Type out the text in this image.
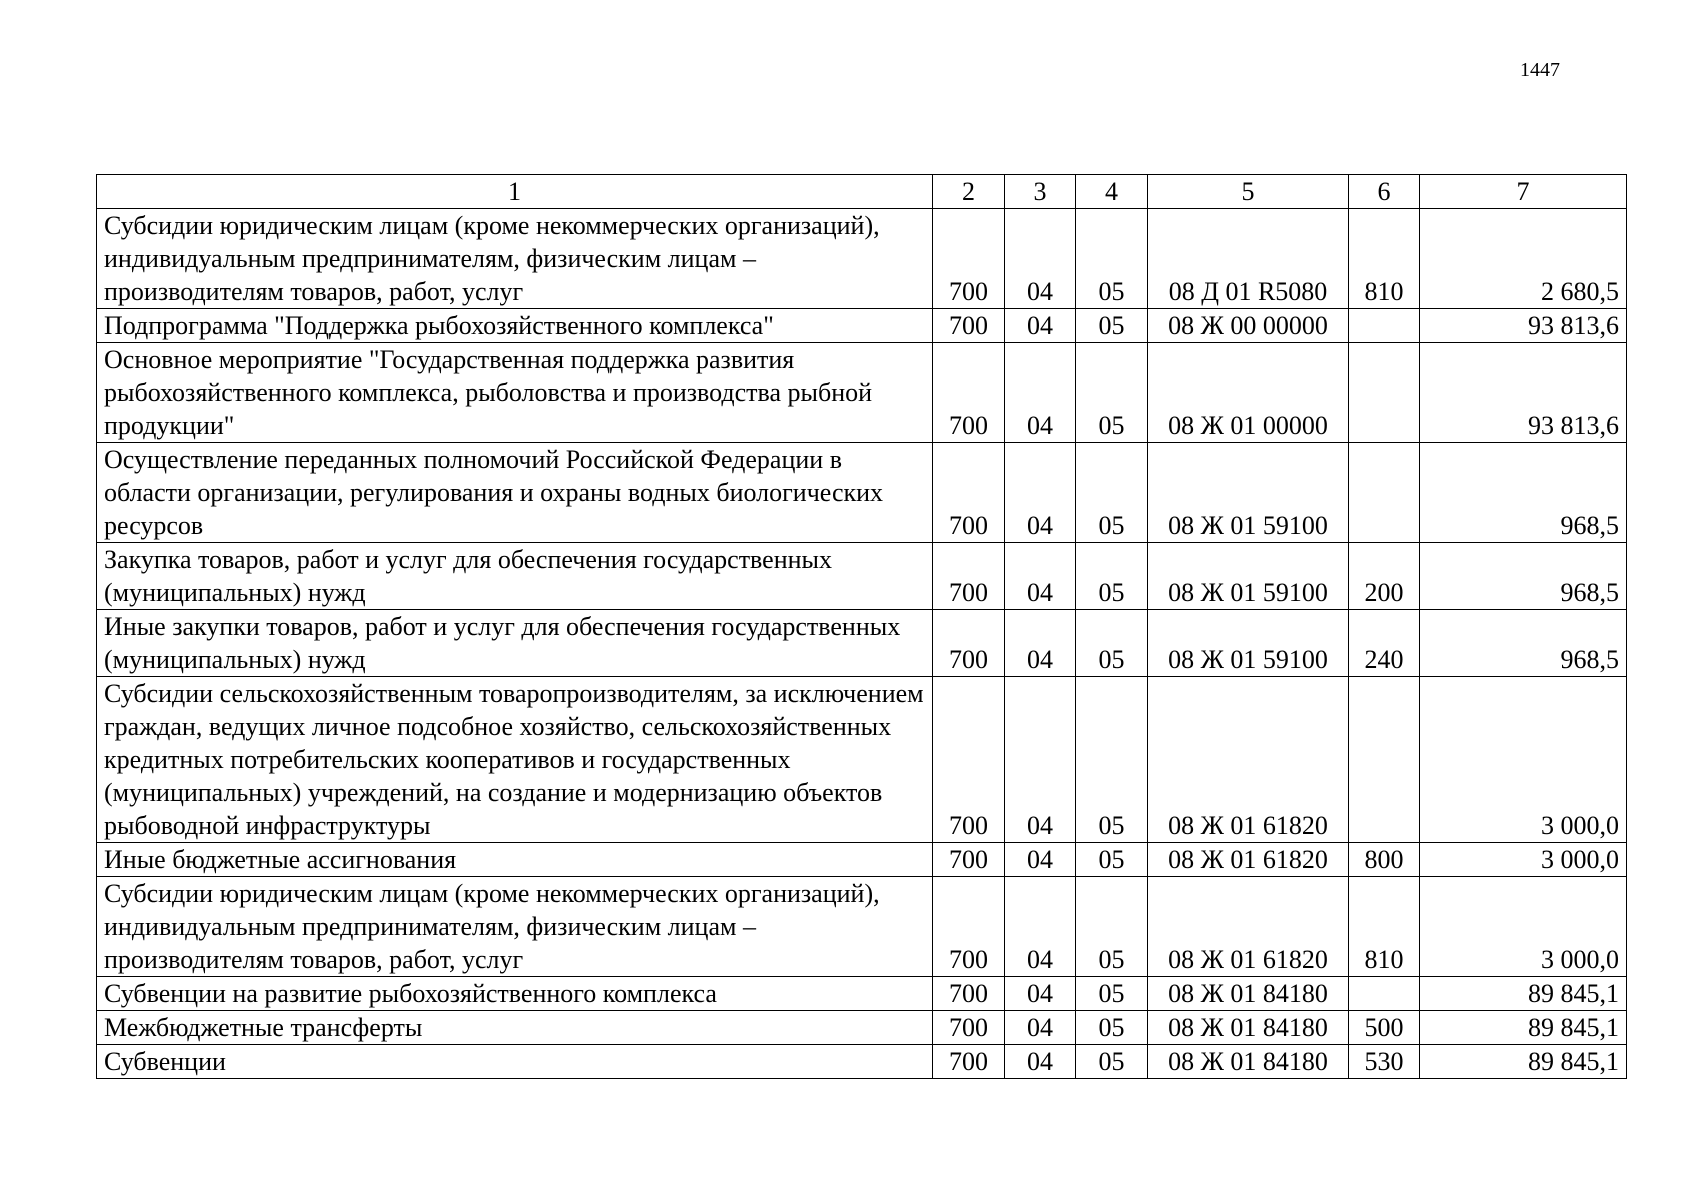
1447
1	2	3	4	5	6	7
Субсидии юридическим лицам (кроме некоммерческих организаций), индивидуальным предпринимателям, физическим лицам – производителям товаров, работ, услуг	700	04	05	08 Д 01 R5080	810	2 680,5
Подпрограмма "Поддержка рыбохозяйственного комплекса"	700	04	05	08 Ж 00 00000		93 813,6
Основное мероприятие "Государственная поддержка развития рыбохозяйственного комплекса, рыболовства и производства рыбной продукции"	700	04	05	08 Ж 01 00000		93 813,6
Осуществление переданных полномочий Российской Федерации в области организации, регулирования и охраны водных биологических ресурсов	700	04	05	08 Ж 01 59100		968,5
Закупка товаров, работ и услуг для обеспечения государственных (муниципальных) нужд	700	04	05	08 Ж 01 59100	200	968,5
Иные закупки товаров, работ и услуг для обеспечения государственных (муниципальных) нужд	700	04	05	08 Ж 01 59100	240	968,5
Субсидии сельскохозяйственным товаропроизводителям, за исключением граждан, ведущих личное подсобное хозяйство, сельскохозяйственных кредитных потребительских кооперативов и государственных (муниципальных) учреждений, на создание и модернизацию объектов рыбоводной инфраструктуры	700	04	05	08 Ж 01 61820		3 000,0
Иные бюджетные ассигнования	700	04	05	08 Ж 01 61820	800	3 000,0
Субсидии юридическим лицам (кроме некоммерческих организаций), индивидуальным предпринимателям, физическим лицам – производителям товаров, работ, услуг	700	04	05	08 Ж 01 61820	810	3 000,0
Субвенции на развитие рыбохозяйственного комплекса	700	04	05	08 Ж 01 84180		89 845,1
Межбюджетные трансферты	700	04	05	08 Ж 01 84180	500	89 845,1
Субвенции	700	04	05	08 Ж 01 84180	530	89 845,1
